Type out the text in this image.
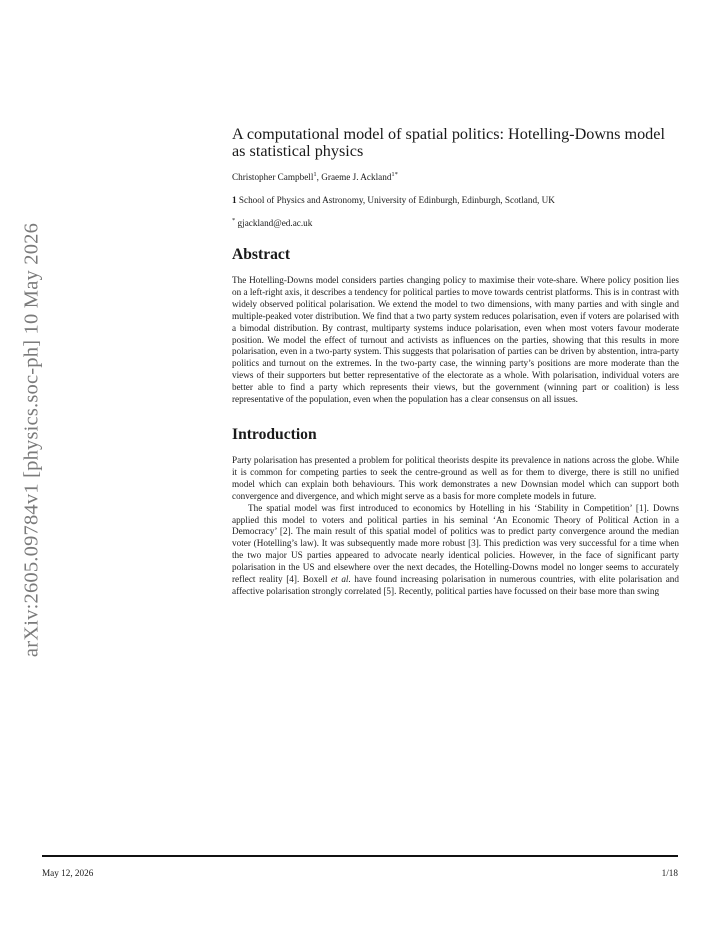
arXiv:2605.09784v1 [physics.soc-ph] 10 May 2026
A computational model of spatial politics: Hotelling-Downs model as statistical physics
Christopher Campbell$^1$, Graeme J. Ackland$^{1*}$
1 School of Physics and Astronomy, University of Edinburgh, Edinburgh, Scotland, UK
* gjackland@ed.ac.uk
Abstract

The Hotelling-Downs model considers parties changing policy to maximise their vote-share. Where policy position lies on a left-right axis, it describes a tendency for political parties to move towards centrist platforms. This is in contrast with widely observed political polarisation. We extend the model to two dimensions, with many parties and with single and multiple-peaked voter distribution. We find that a two party system reduces polarisation, even if voters are polarised with a bimodal distribution. By contrast, multiparty systems induce polarisation, even when most voters favour moderate position. We model the effect of turnout and activists as influences on the parties, showing that this results in more polarisation, even in a two-party system. This suggests that polarisation of parties can be driven by abstention, intra-party politics and turnout on the extremes. In the two-party case, the winning party’s positions are more moderate than the views of their supporters but better representative of the electorate as a whole. With polarisation, individual voters are better able to find a party which represents their views, but the government (winning part or coalition) is less representative of the population, even when the population has a clear consensus on all issues.

Introduction

Party polarisation has presented a problem for political theorists despite its prevalence in nations across the globe. While it is common for competing parties to seek the centre-ground as well as for them to diverge, there is still no unified model which can explain both behaviours. This work demonstrates a new Downsian model which can support both convergence and divergence, and which might serve as a basis for more complete models in future.

The spatial model was first introduced to economics by Hotelling in his ‘Stability in Competition’ [1]. Downs applied this model to voters and political parties in his seminal ‘An Economic Theory of Political Action in a Democracy’ [2]. The main result of this spatial model of politics was to predict party convergence around the median voter (Hotelling’s law). It was subsequently made more robust [3]. This prediction was very successful for a time when the two major US parties appeared to advocate nearly identical policies. However, in the face of significant party polarisation in the US and elsewhere over the next decades, the Hotelling-Downs model no longer seems to accurately reflect reality [4]. Boxell et al. have found increasing polarisation in numerous countries, with elite polarisation and affective polarisation strongly correlated [5]. Recently, political parties have focussed on their base more than swing

May 12, 2026	1/18
